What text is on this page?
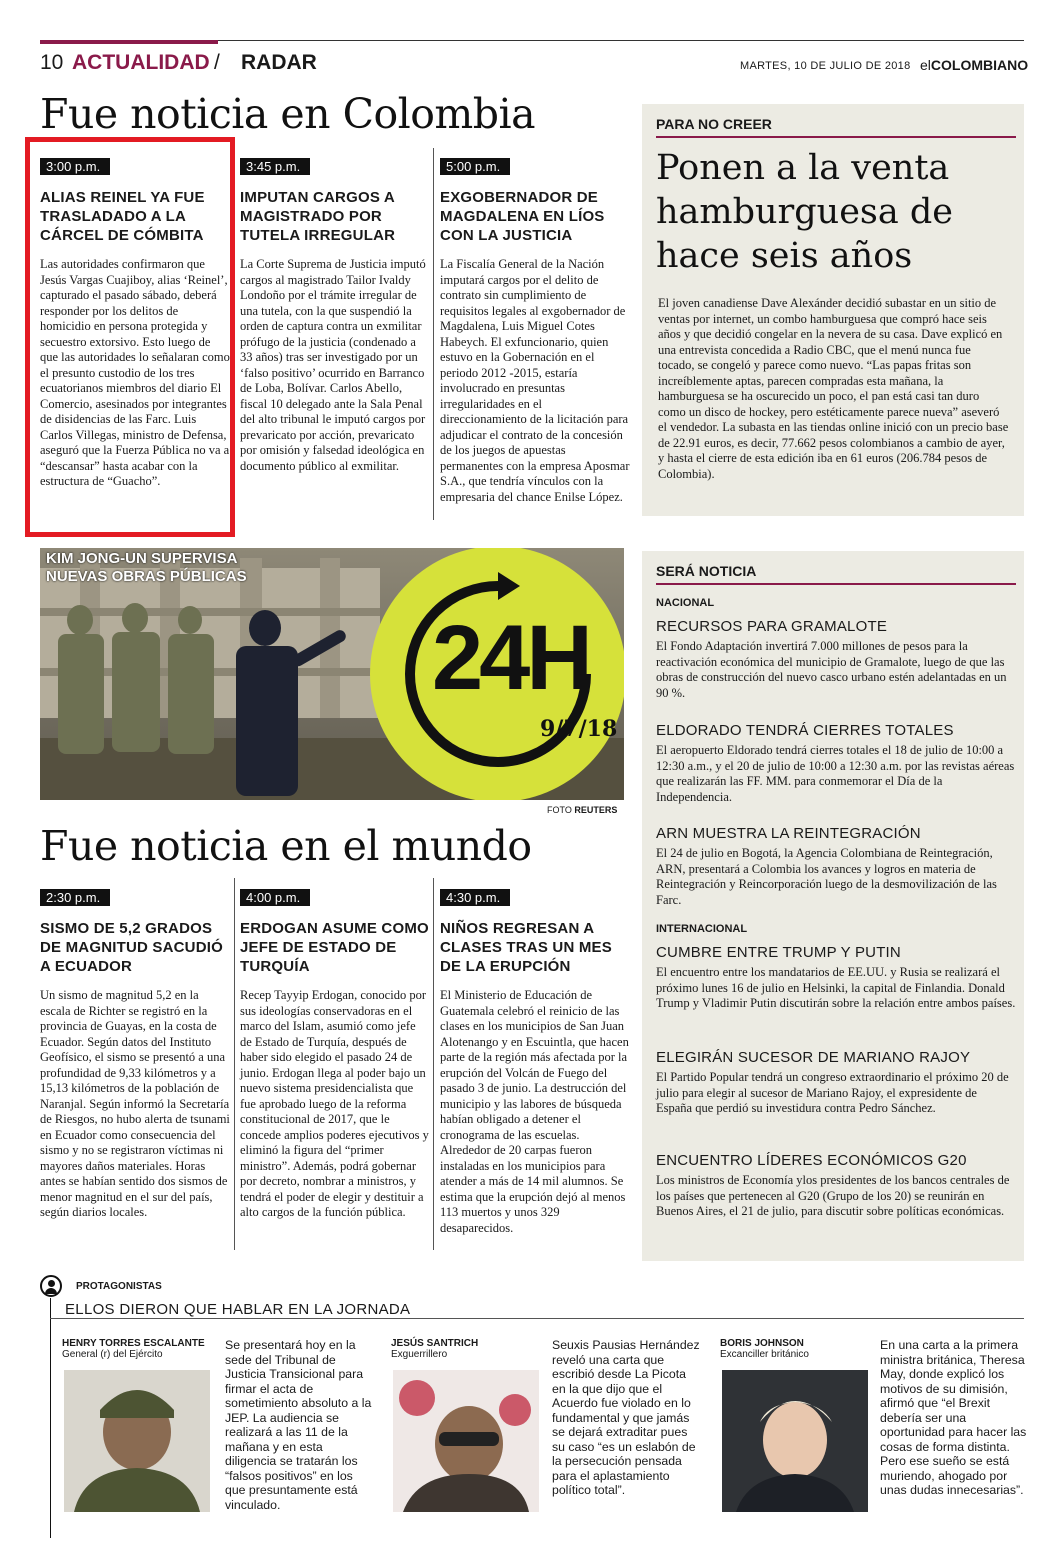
10 ACTUALIDAD / RADAR	MARTES, 10 DE JULIO DE 2018 elCOLOMBIANO
Fue noticia en Colombia
3:00 p.m.
ALIAS REINEL YA FUE TRASLADADO A LA CÁRCEL DE CÓMBITA
Las autoridades confirmaron que Jesús Vargas Cuajiboy, alias ‘Reinel’, capturado el pasado sábado, deberá responder por los delitos de homicidio en persona protegida y secuestro extorsivo. Esto luego de que las autoridades lo señalaran como el presunto custodio de los tres ecuatorianos miembros del diario El Comercio, asesinados por integrantes de disidencias de las Farc. Luis Carlos Villegas, ministro de Defensa, aseguró que la Fuerza Pública no va a “descansar” hasta acabar con la estructura de “Guacho”.
3:45 p.m.
IMPUTAN CARGOS A MAGISTRADO POR TUTELA IRREGULAR
La Corte Suprema de Justicia imputó cargos al magistrado Tailor Ivaldy Londoño por el trámite irregular de una tutela, con la que suspendió la orden de captura contra un exmilitar prófugo de la justicia (condenado a 33 años) tras ser investigado por un ‘falso positivo’ ocurrido en Barranco de Loba, Bolívar. Carlos Abello, fiscal 10 delegado ante la Sala Penal del alto tribunal le imputó cargos por prevaricato por acción, prevaricato por omisión y falsedad ideológica en documento público al exmilitar.
5:00 p.m.
EXGOBERNADOR DE MAGDALENA EN LÍOS CON LA JUSTICIA
La Fiscalía General de la Nación imputará cargos por el delito de contrato sin cumplimiento de requisitos legales al exgobernador de Magdalena, Luis Miguel Cotes Habeych. El exfuncionario, quien estuvo en la Gobernación en el periodo 2012 -2015, estaría involucrado en presuntas irregularidades en el direccionamiento de la licitación para adjudicar el contrato de la concesión de los juegos de apuestas permanentes con la empresa Aposmar S.A., que tendría vínculos con la empresaria del chance Enilse López.
PARA NO CREER
Ponen a la venta hamburguesa de hace seis años
El joven canadiense Dave Alexánder decidió subastar en un sitio de ventas por internet, un combo hamburguesa que compró hace seis años y que decidió congelar en la nevera de su casa. Dave explicó en una entrevista concedida a Radio CBC, que el menú nunca fue tocado, se congeló y parece como nuevo. “Las papas fritas son increíblemente aptas, parecen compradas esta mañana, la hamburguesa se ha oscurecido un poco, el pan está casi tan duro como un disco de hockey, pero estéticamente parece nueva” aseveró el vendedor. La subasta en las tiendas online inició con un precio base de 22.91 euros, es decir, 77.662 pesos colombianos a cambio de ayer, y hasta el cierre de esta edición iba en 61 euros (206.784 pesos de Colombia).
KIM JONG-UN SUPERVISA
NUEVAS OBRAS PÚBLICAS
24H
9/7/18
FOTO REUTERS
SERÁ NOTICIA
NACIONAL
RECURSOS PARA GRAMALOTE
El Fondo Adaptación invertirá 7.000 millones de pesos para la reactivación económica del municipio de Gramalote, luego de que las obras de construcción del nuevo casco urbano estén adelantadas en un 90 %.
ELDORADO TENDRÁ CIERRES TOTALES
El aeropuerto Eldorado tendrá cierres totales el 18 de julio de 10:00 a 12:30 a.m., y el 20 de julio de 10:00 a 12:30 a.m. por las revistas aéreas que realizarán las FF. MM. para conmemorar el Día de la Independencia.
ARN MUESTRA LA REINTEGRACIÓN
El 24 de julio en Bogotá, la Agencia Colombiana de Reintegración, ARN, presentará a Colombia los avances y logros en materia de Reintegración y Reincorporación luego de la desmovilización de las Farc.
INTERNACIONAL
CUMBRE ENTRE TRUMP Y PUTIN
El encuentro entre los mandatarios de EE.UU. y Rusia se realizará el próximo lunes 16 de julio en Helsinki, la capital de Finlandia. Donald Trump y Vladimir Putin discutirán sobre la relación entre ambos países.
ELEGIRÁN SUCESOR DE MARIANO RAJOY
El Partido Popular tendrá un congreso extraordinario el próximo 20 de julio para elegir al sucesor de Mariano Rajoy, el expresidente de España que perdió su investidura contra Pedro Sánchez.
ENCUENTRO LÍDERES ECONÓMICOS G20
Los ministros de Economía ylos presidentes de los bancos centrales de los países que pertenecen al G20 (Grupo de los 20) se reunirán en Buenos Aires, el 21 de julio, para discutir sobre políticas económicas.
Fue noticia en el mundo
2:30 p.m.
SISMO DE 5,2 GRADOS DE MAGNITUD SACUDIÓ A ECUADOR
Un sismo de magnitud 5,2 en la escala de Richter se registró en la provincia de Guayas, en la costa de Ecuador. Según datos del Instituto Geofísico, el sismo se presentó a una profundidad de 9,33 kilómetros y a 15,13 kilómetros de la población de Naranjal. Según informó la Secretaría de Riesgos, no hubo alerta de tsunami en Ecuador como consecuencia del sismo y no se registraron víctimas ni mayores daños materiales. Horas antes se habían sentido dos sismos de menor magnitud en el sur del país, según diarios locales.
4:00 p.m.
ERDOGAN ASUME COMO JEFE DE ESTADO DE TURQUÍA
Recep Tayyip Erdogan, conocido por sus ideologías conservadoras en el marco del Islam, asumió como jefe de Estado de Turquía, después de haber sido elegido el pasado 24 de junio. Erdogan llega al poder bajo un nuevo sistema presidencialista que fue aprobado luego de la reforma constitucional de 2017, que le concede amplios poderes ejecutivos y eliminó la figura del “primer ministro”. Además, podrá gobernar por decreto, nombrar a ministros, y tendrá el poder de elegir y destituir a alto cargos de la función pública.
4:30 p.m.
NIÑOS REGRESAN A CLASES TRAS UN MES DE LA ERUPCIÓN
El Ministerio de Educación de Guatemala celebró el reinicio de las clases en los municipios de San Juan Alotenango y en Escuintla, que hacen parte de la región más afectada por la erupción del Volcán de Fuego del pasado 3 de junio. La destrucción del municipio y las labores de búsqueda habían obligado a detener el cronograma de las escuelas. Alrededor de 20 carpas fueron instaladas en los municipios para atender a más de 14 mil alumnos. Se estima que la erupción dejó al menos 113 muertos y unos 329 desaparecidos.
PROTAGONISTAS
ELLOS DIERON QUE HABLAR EN LA JORNADA
HENRY TORRES ESCALANTE
General (r) del Ejército
Se presentará hoy en la sede del Tribunal de Justicia Transicional para firmar el acta de sometimiento absoluto a la JEP. La audiencia se realizará a las 11 de la mañana y en esta diligencia se tratarán los “falsos positivos” en los que presuntamente está vinculado.
JESÚS SANTRICH
Exguerrillero
Seuxis Pausias Hernández reveló una carta que escribió desde La Picota en la que dijo que el Acuerdo fue violado en lo fundamental y que jamás se dejará extraditar pues su caso “es un eslabón de la persecución pensada para el aplastamiento político total”.
BORIS JOHNSON
Excanciller británico
En una carta a la primera ministra británica, Theresa May, donde explicó los motivos de su dimisión, afirmó que “el Brexit debería ser una oportunidad para hacer las cosas de forma distinta. Pero ese sueño se está muriendo, ahogado por unas dudas innecesarias”.
